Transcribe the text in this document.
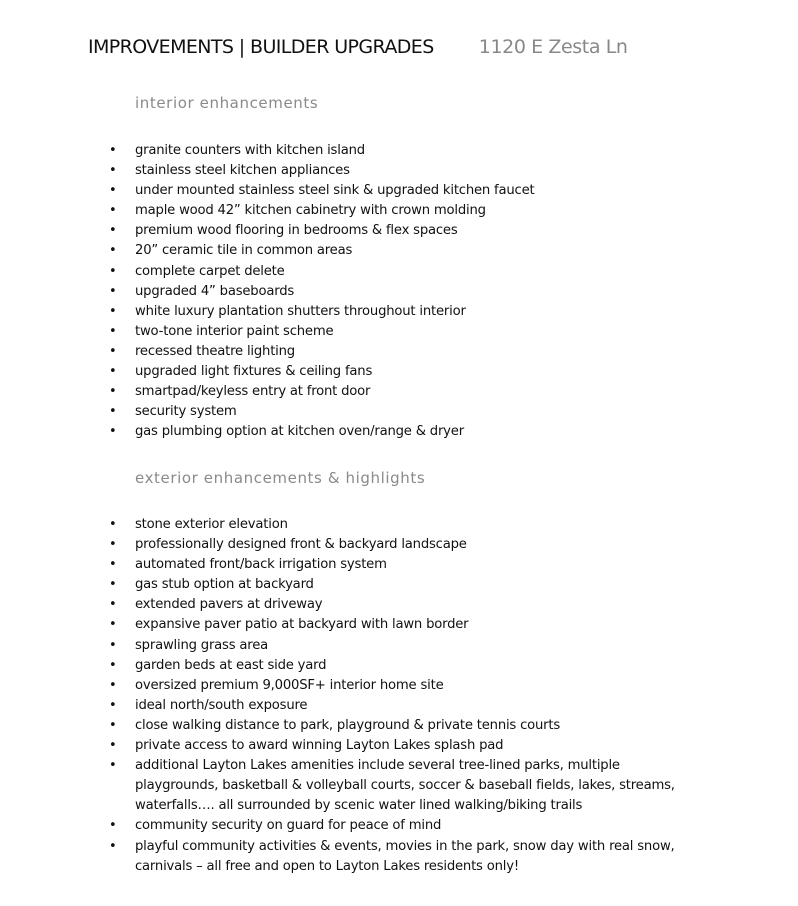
IMPROVEMENTS | BUILDER UPGRADES 1120 E Zesta Ln
interior enhancements
• granite counters with kitchen island
• stainless steel kitchen appliances
• under mounted stainless steel sink & upgraded kitchen faucet
• maple wood 42” kitchen cabinetry with crown molding
• premium wood flooring in bedrooms & flex spaces
• 20” ceramic tile in common areas
• complete carpet delete
• upgraded 4” baseboards
• white luxury plantation shutters throughout interior
• two-tone interior paint scheme
• recessed theatre lighting
• upgraded light fixtures & ceiling fans
• smartpad/keyless entry at front door
• security system
• gas plumbing option at kitchen oven/range & dryer
exterior enhancements & highlights
• stone exterior elevation
• professionally designed front & backyard landscape
• automated front/back irrigation system
• gas stub option at backyard
• extended pavers at driveway
• expansive paver patio at backyard with lawn border
• sprawling grass area
• garden beds at east side yard
• oversized premium 9,000SF+ interior home site
• ideal north/south exposure
• close walking distance to park, playground & private tennis courts
• private access to award winning Layton Lakes splash pad
• additional Layton Lakes amenities include several tree-lined parks, multiple playgrounds, basketball & volleyball courts, soccer & baseball fields, lakes, streams, waterfalls…. all surrounded by scenic water lined walking/biking trails
• community security on guard for peace of mind
• playful community activities & events, movies in the park, snow day with real snow, carnivals – all free and open to Layton Lakes residents only!
